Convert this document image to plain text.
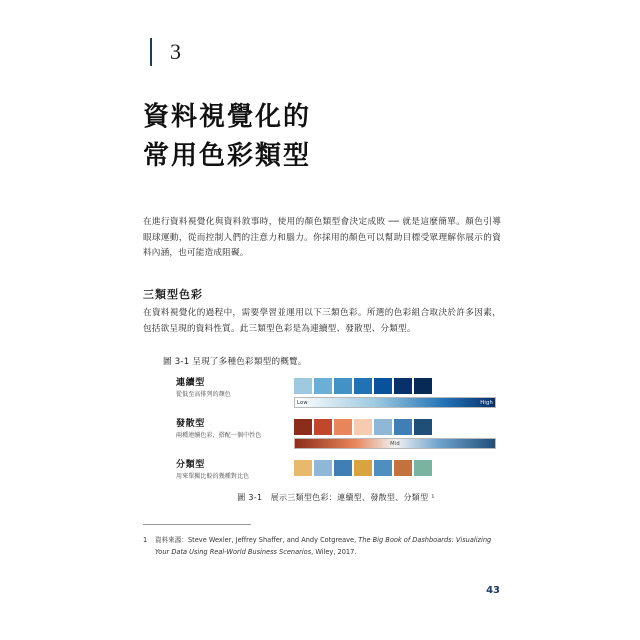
3
資料視覺化的
常用色彩類型

在進行資料視覺化與資料敘事時，使用的顏色類型會決定成敗 ── 就是這麼簡單。顏色引導眼球運動，從而控制人們的注意力和腦力。你採用的顏色可以幫助目標受眾理解你展示的資料內涵，也可能造成阻礙。

三類型色彩

在資料視覺化的過程中，需要學習並運用以下三類色彩。所選的色彩組合取決於許多因素，包括欲呈現的資料性質。此三類型色彩是為連續型、發散型、分類型。

圖 3-1 呈現了多種色彩類型的概覽。
連續型
從低至高排列的顏色
Low	High
發散型
兩種連續色彩，搭配一個中性色
Mid
分類型
用來單獨比較的幾種對比色
圖 3-1　展示三類型色彩：連續型、發散型、分類型 ¹
1	資料來源：Steve Wexler, Jeffrey Shaffer, and Andy Cotgreave, The Big Book of Dashboards: Visualizing Your Data Using Real-World Business Scenarios, Wiley, 2017.
43
